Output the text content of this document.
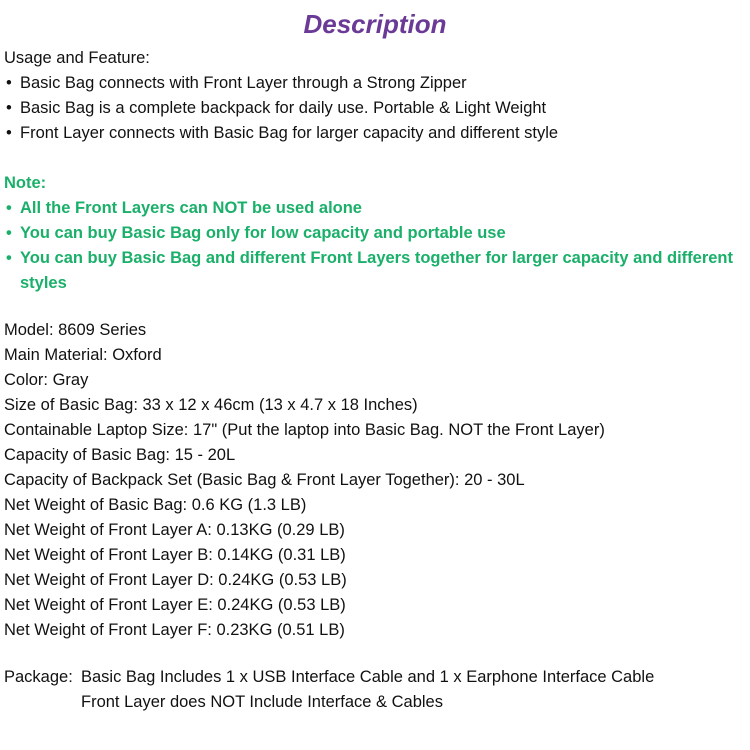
Description
Usage and Feature:
• Basic Bag connects with Front Layer through a Strong Zipper
• Basic Bag is a complete backpack for daily use. Portable & Light Weight
• Front Layer connects with Basic Bag for larger capacity and different style
Note:
• All the Front Layers can NOT be used alone
• You can buy Basic Bag only for low capacity and portable use
• You can buy Basic Bag and different Front Layers together for larger capacity and different styles
Model: 8609 Series
Main Material: Oxford
Color: Gray
Size of Basic Bag: 33 x 12 x 46cm (13 x 4.7 x 18 Inches)
Containable Laptop Size: 17" (Put the laptop into Basic Bag. NOT the Front Layer)
Capacity of Basic Bag: 15 - 20L
Capacity of Backpack Set (Basic Bag & Front Layer Together): 20 - 30L
Net Weight of Basic Bag: 0.6 KG (1.3 LB)
Net Weight of Front Layer A: 0.13KG (0.29 LB)
Net Weight of Front Layer B: 0.14KG (0.31 LB)
Net Weight of Front Layer D: 0.24KG (0.53 LB)
Net Weight of Front Layer E: 0.24KG (0.53 LB)
Net Weight of Front Layer F: 0.23KG (0.51 LB)
Package: Basic Bag Includes 1 x USB Interface Cable and 1 x Earphone Interface Cable
Front Layer does NOT Include Interface & Cables
